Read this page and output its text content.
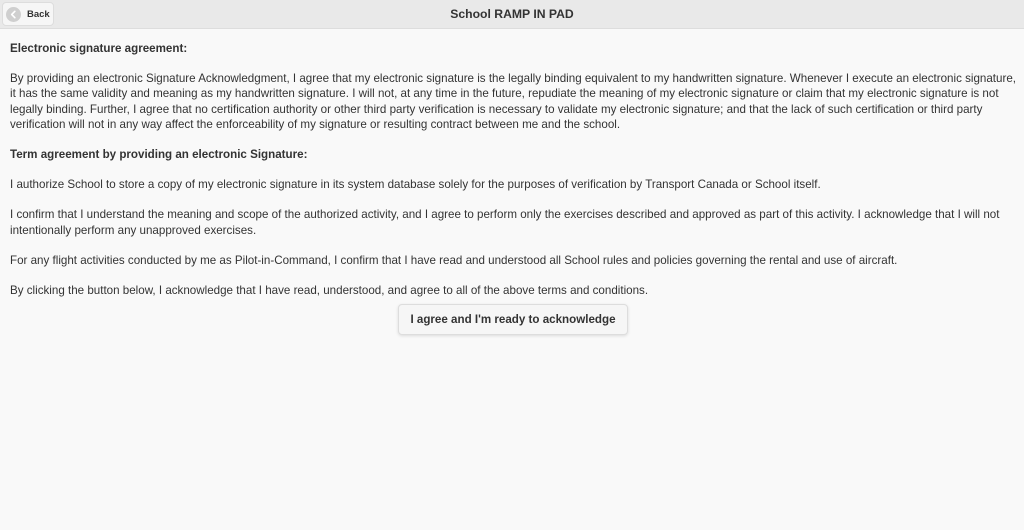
Back	School RAMP IN PAD

Electronic signature agreement:

By providing an electronic Signature Acknowledgment, I agree that my electronic signature is the legally binding equivalent to my handwritten signature. Whenever I execute an electronic signature, it has the same validity and meaning as my handwritten signature. I will not, at any time in the future, repudiate the meaning of my electronic signature or claim that my electronic signature is not legally binding. Further, I agree that no certification authority or other third party verification is necessary to validate my electronic signature; and that the lack of such certification or third party verification will not in any way affect the enforceability of my signature or resulting contract between me and the school.

Term agreement by providing an electronic Signature:

I authorize School to store a copy of my electronic signature in its system database solely for the purposes of verification by Transport Canada or School itself.

I confirm that I understand the meaning and scope of the authorized activity, and I agree to perform only the exercises described and approved as part of this activity. I acknowledge that I will not intentionally perform any unapproved exercises.

For any flight activities conducted by me as Pilot-in-Command, I confirm that I have read and understood all School rules and policies governing the rental and use of aircraft.

By clicking the button below, I acknowledge that I have read, understood, and agree to all of the above terms and conditions.

I agree and I'm ready to acknowledge
